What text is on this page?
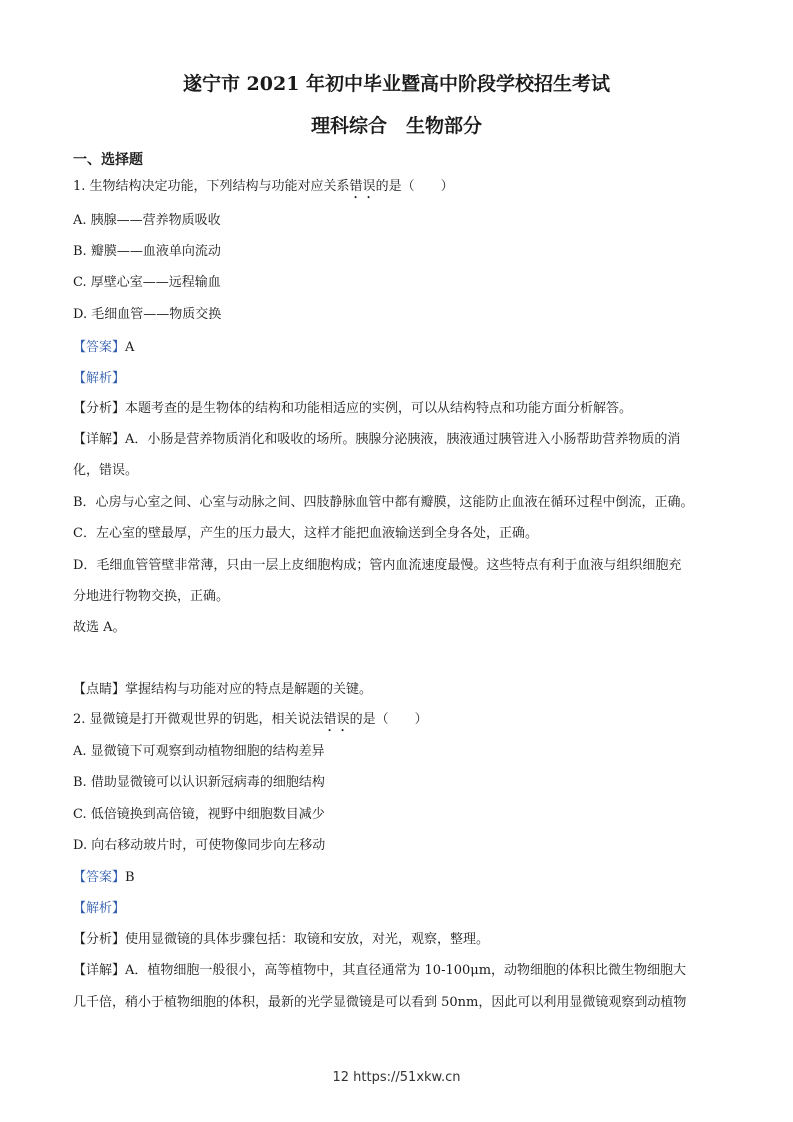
遂宁市 2021 年初中毕业暨高中阶段学校招生考试
理科综合　生物部分
一、选择题
1. 生物结构决定功能，下列结构与功能对应关系错误的是（　　）
A. 胰腺——营养物质吸收
B. 瓣膜——血液单向流动
C. 厚壁心室——远程输血
D. 毛细血管——物质交换
【答案】A
【解析】
【分析】本题考查的是生物体的结构和功能相适应的实例，可以从结构特点和功能方面分析解答。
【详解】A．小肠是营养物质消化和吸收的场所。胰腺分泌胰液，胰液通过胰管进入小肠帮助营养物质的消
化，错误。
B．心房与心室之间、心室与动脉之间、四肢静脉血管中都有瓣膜，这能防止血液在循环过程中倒流，正确。
C．左心室的壁最厚，产生的压力最大，这样才能把血液输送到全身各处，正确。
D．毛细血管管壁非常薄，只由一层上皮细胞构成；管内血流速度最慢。这些特点有利于血液与组织细胞充
分地进行物物交换，正确。
故选 A。
【点睛】掌握结构与功能对应的特点是解题的关键。
2. 显微镜是打开微观世界的钥匙，相关说法错误的是（　　）
A. 显微镜下可观察到动植物细胞的结构差异
B. 借助显微镜可以认识新冠病毒的细胞结构
C. 低倍镜换到高倍镜，视野中细胞数目减少
D. 向右移动玻片时，可使物像同步向左移动
【答案】B
【解析】
【分析】使用显微镜的具体步骤包括：取镜和安放，对光，观察，整理。
【详解】A．植物细胞一般很小，高等植物中，其直径通常为 10-100μm，动物细胞的体积比微生物细胞大
几千倍，稍小于植物细胞的体积，最新的光学显微镜是可以看到 50nm，因此可以利用显微镜观察到动植物
12 https://51xkw.cn
